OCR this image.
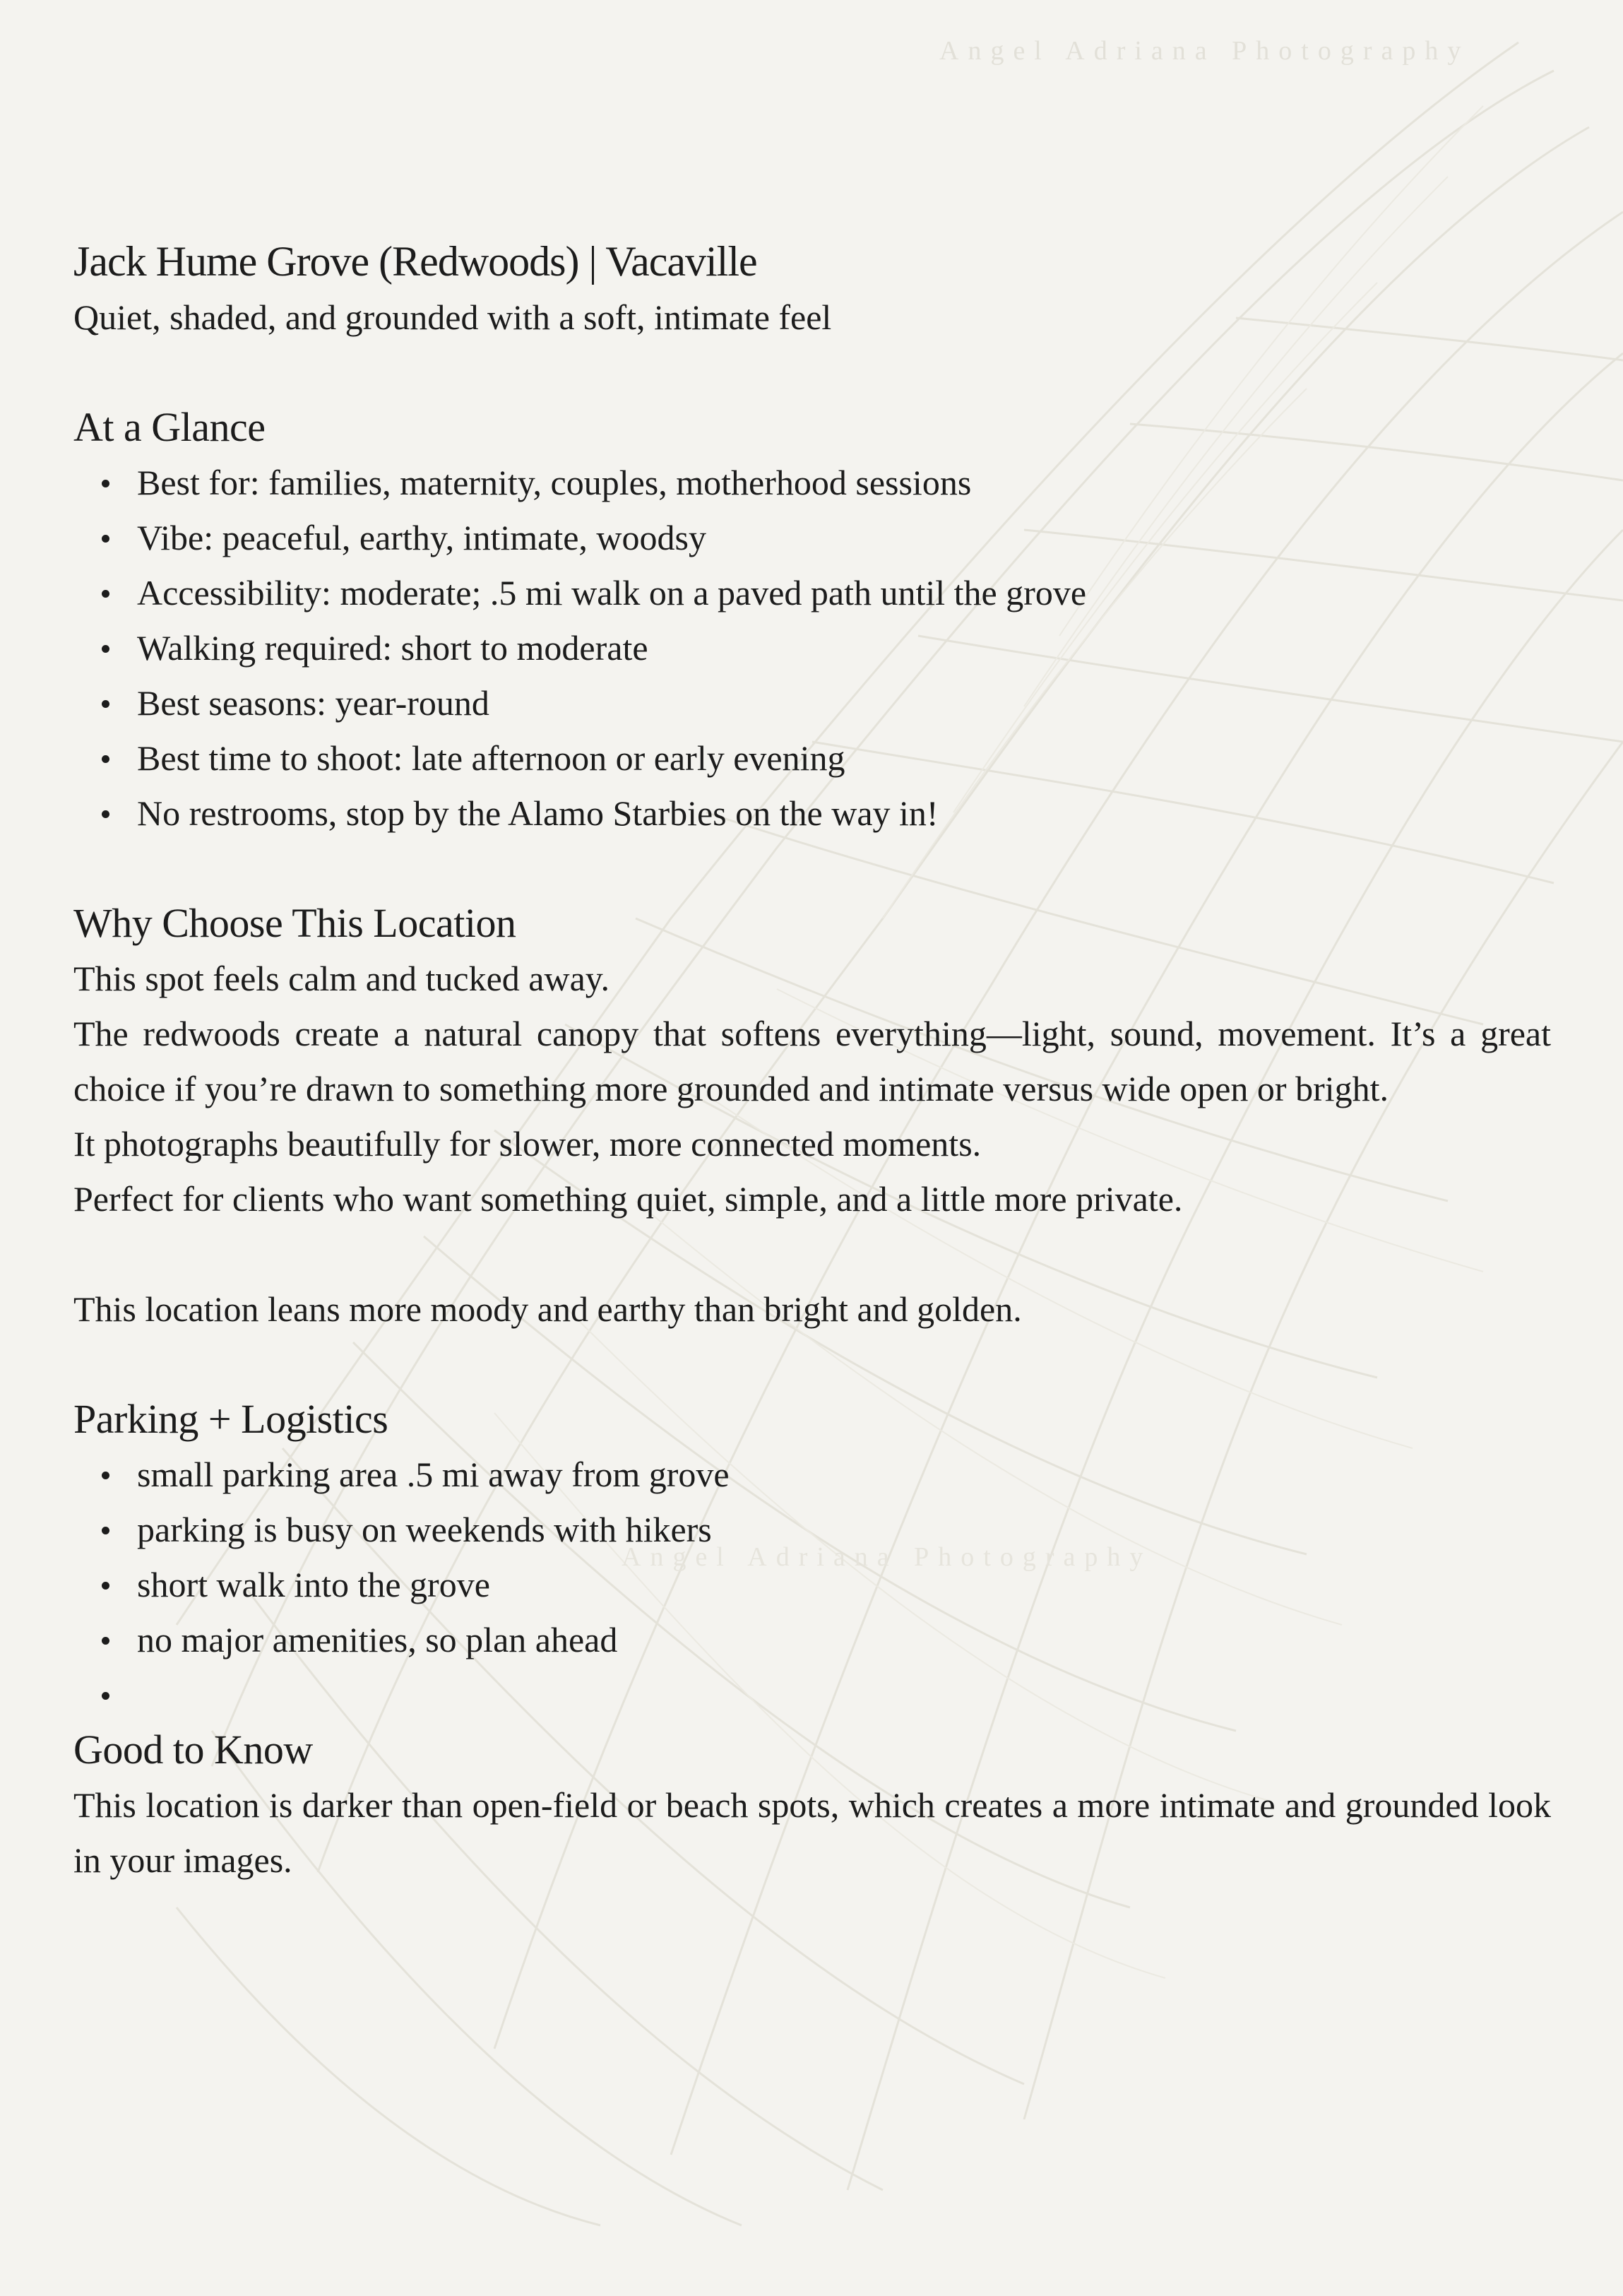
Angel Adriana Photography
Angel Adriana Photography
Jack Hume Grove (Redwoods) | Vacaville

Quiet, shaded, and grounded with a soft, intimate feel

At a Glance
Best for: families, maternity, couples, motherhood sessions
Vibe: peaceful, earthy, intimate, woodsy
Accessibility: moderate; .5 mi walk on a paved path until the grove
Walking required: short to moderate
Best seasons: year-round
Best time to shoot: late afternoon or early evening
No restrooms, stop by the Alamo Starbies on the way in!
Why Choose This Location

This spot feels calm and tucked away.

The redwoods create a natural canopy that softens everything—light, sound, movement. It’s a great choice if you’re drawn to something more grounded and intimate versus wide open or bright.

It photographs beautifully for slower, more connected moments.

Perfect for clients who want something quiet, simple, and a little more private.

This location leans more moody and earthy than bright and golden.

Parking + Logistics
small parking area .5 mi away from grove
parking is busy on weekends with hikers
short walk into the grove
no major amenities, so plan ahead
Good to Know

This location is darker than open-field or beach spots, which creates a more intimate and grounded look in your images.
